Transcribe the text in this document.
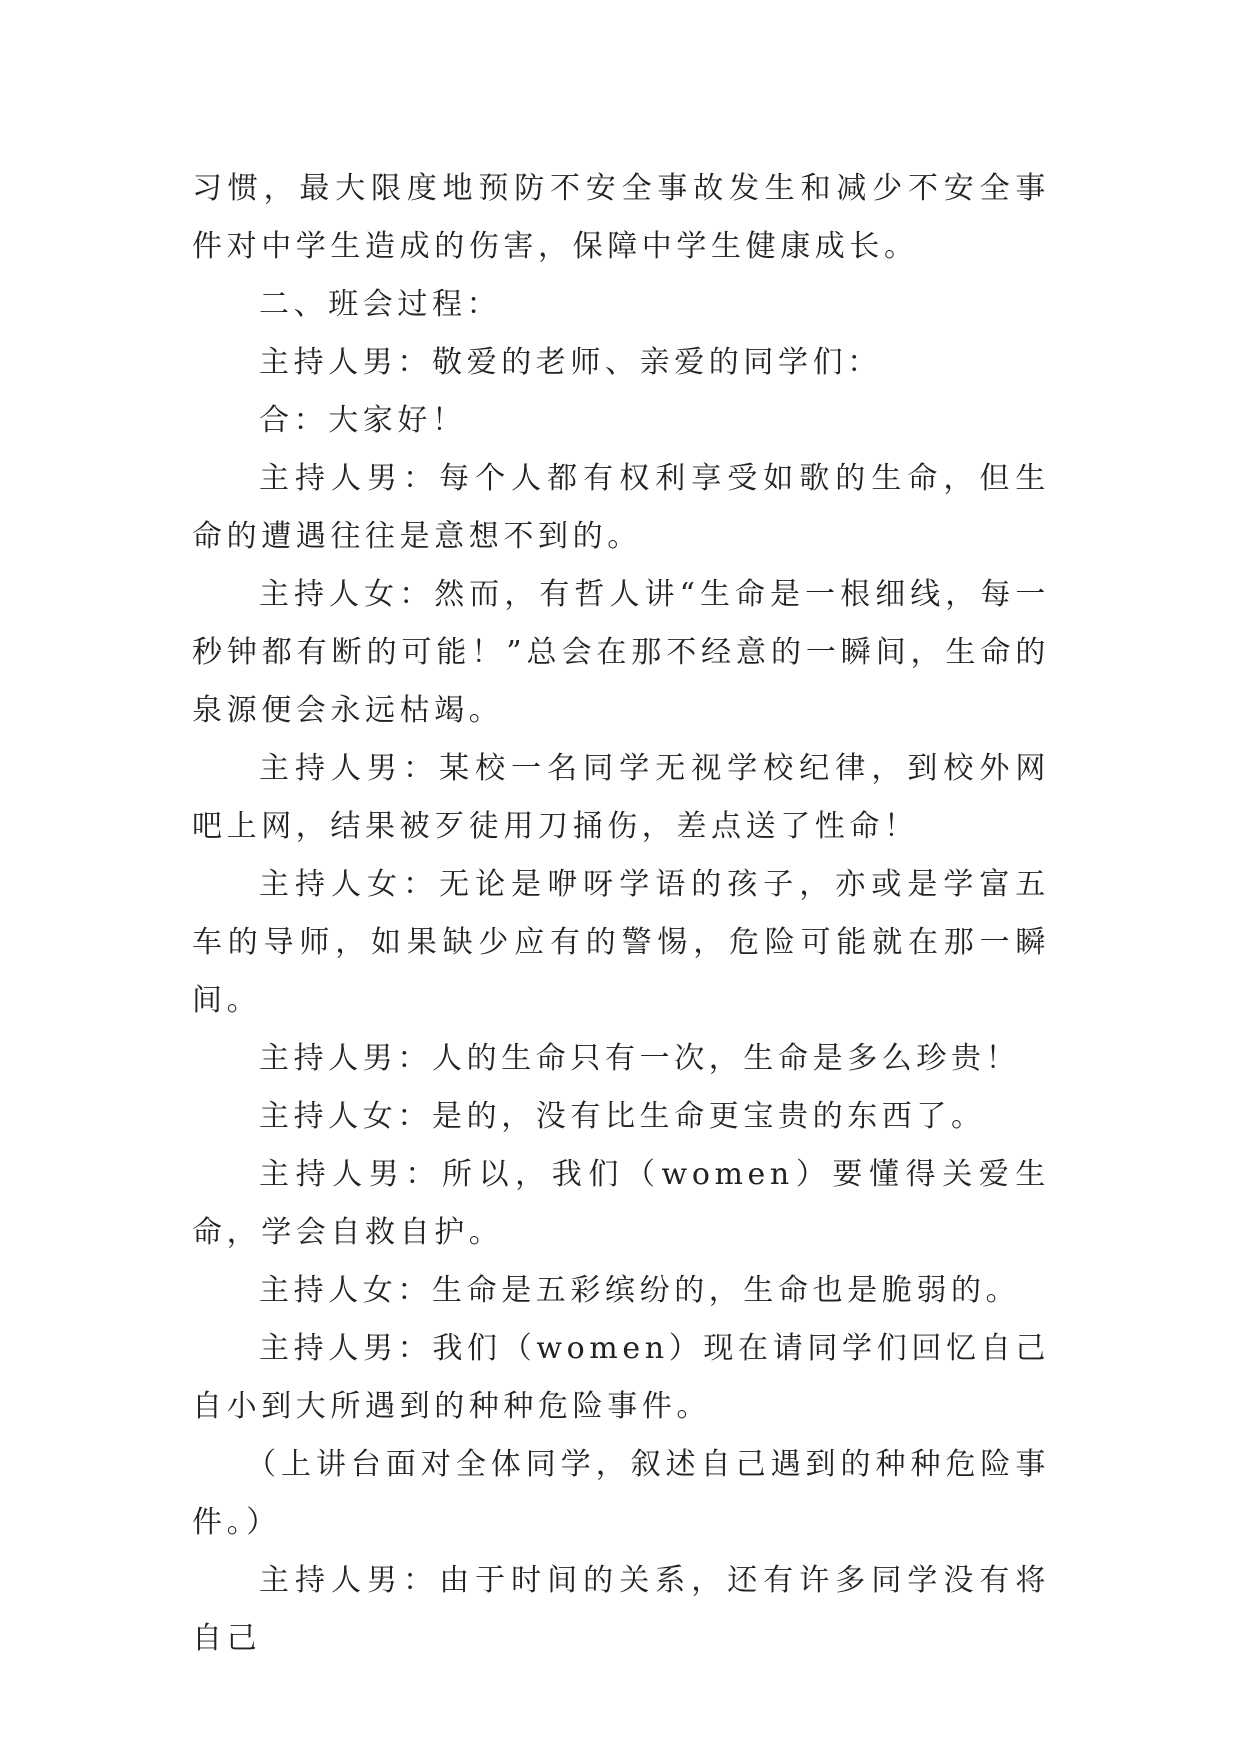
习惯，最大限度地预防不安全事故发生和减少不安全事件对中学生造成的伤害，保障中学生健康成长。

二、班会过程：

主持人男：敬爱的老师、亲爱的同学们：

合：大家好！

主持人男：每个人都有权利享受如歌的生命，但生命的遭遇往往是意想不到的。

主持人女：然而，有哲人讲“生命是一根细线，每一秒钟都有断的可能！”总会在那不经意的一瞬间，生命的泉源便会永远枯竭。

主持人男：某校一名同学无视学校纪律，到校外网吧上网，结果被歹徒用刀捅伤，差点送了性命！

主持人女：无论是咿呀学语的孩子，亦或是学富五车的导师，如果缺少应有的警惕，危险可能就在那一瞬间。

主持人男：人的生命只有一次，生命是多么珍贵！

主持人女：是的，没有比生命更宝贵的东西了。

主持人男：所以，我们（women）要懂得关爱生命，学会自救自护。

主持人女：生命是五彩缤纷的，生命也是脆弱的。

主持人男：我们（women）现在请同学们回忆自己自小到大所遇到的种种危险事件。

（上讲台面对全体同学，叙述自己遇到的种种危险事件。）

主持人男：由于时间的关系，还有许多同学没有将自己
